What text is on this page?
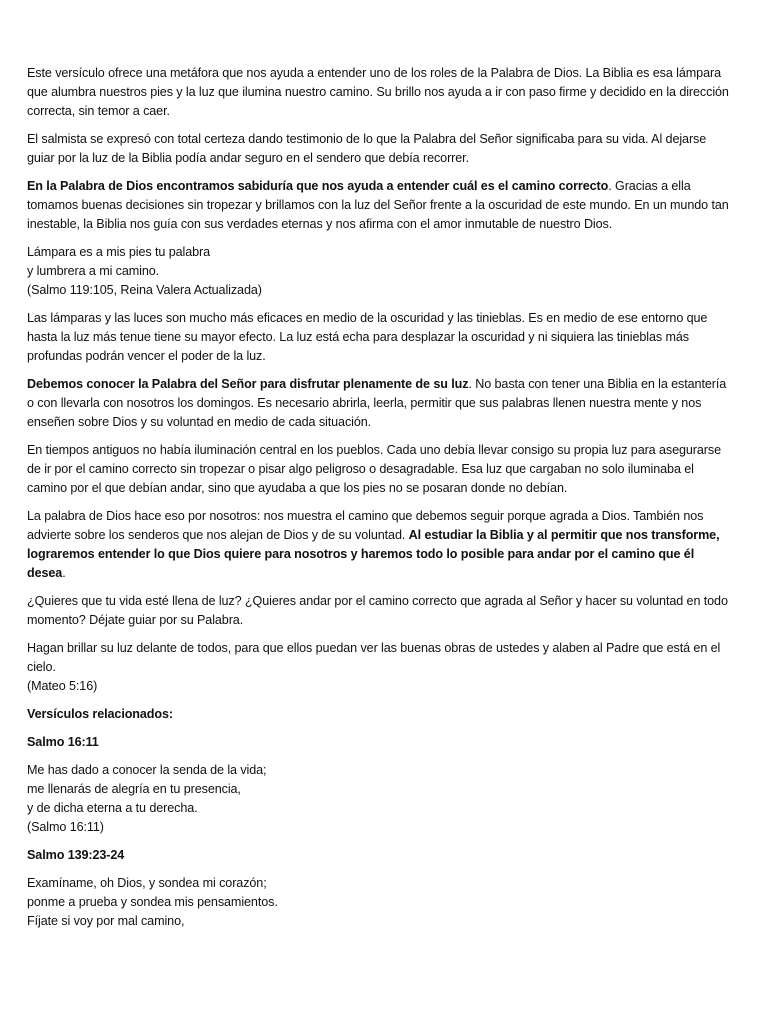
Este versículo ofrece una metáfora que nos ayuda a entender uno de los roles de la Palabra de Dios. La Biblia es esa lámpara que alumbra nuestros pies y la luz que ilumina nuestro camino. Su brillo nos ayuda a ir con paso firme y decidido en la dirección correcta, sin temor a caer.

El salmista se expresó con total certeza dando testimonio de lo que la Palabra del Señor significaba para su vida. Al dejarse guiar por la luz de la Biblia podía andar seguro en el sendero que debía recorrer.

En la Palabra de Dios encontramos sabiduría que nos ayuda a entender cuál es el camino correcto. Gracias a ella tomamos buenas decisiones sin tropezar y brillamos con la luz del Señor frente a la oscuridad de este mundo. En un mundo tan inestable, la Biblia nos guía con sus verdades eternas y nos afirma con el amor inmutable de nuestro Dios.

Lámpara es a mis pies tu palabra
y lumbrera a mi camino.
(Salmo 119:105, Reina Valera Actualizada)

Las lámparas y las luces son mucho más eficaces en medio de la oscuridad y las tinieblas. Es en medio de ese entorno que hasta la luz más tenue tiene su mayor efecto. La luz está echa para desplazar la oscuridad y ni siquiera las tinieblas más profundas podrán vencer el poder de la luz.

Debemos conocer la Palabra del Señor para disfrutar plenamente de su luz. No basta con tener una Biblia en la estantería o con llevarla con nosotros los domingos. Es necesario abrirla, leerla, permitir que sus palabras llenen nuestra mente y nos enseñen sobre Dios y su voluntad en medio de cada situación.

En tiempos antiguos no había iluminación central en los pueblos. Cada uno debía llevar consigo su propia luz para asegurarse de ir por el camino correcto sin tropezar o pisar algo peligroso o desagradable. Esa luz que cargaban no solo iluminaba el camino por el que debían andar, sino que ayudaba a que los pies no se posaran donde no debían.

La palabra de Dios hace eso por nosotros: nos muestra el camino que debemos seguir porque agrada a Dios. También nos advierte sobre los senderos que nos alejan de Dios y de su voluntad. Al estudiar la Biblia y al permitir que nos transforme, lograremos entender lo que Dios quiere para nosotros y haremos todo lo posible para andar por el camino que él desea.

¿Quieres que tu vida esté llena de luz? ¿Quieres andar por el camino correcto que agrada al Señor y hacer su voluntad en todo momento? Déjate guiar por su Palabra.

Hagan brillar su luz delante de todos, para que ellos puedan ver las buenas obras de ustedes y alaben al Padre que está en el cielo.
(Mateo 5:16)

Versículos relacionados:

Salmo 16:11

Me has dado a conocer la senda de la vida;
me llenarás de alegría en tu presencia,
y de dicha eterna a tu derecha.
(Salmo 16:11)

Salmo 139:23-24

Examíname, oh Dios, y sondea mi corazón;
ponme a prueba y sondea mis pensamientos.
Fíjate si voy por mal camino,
